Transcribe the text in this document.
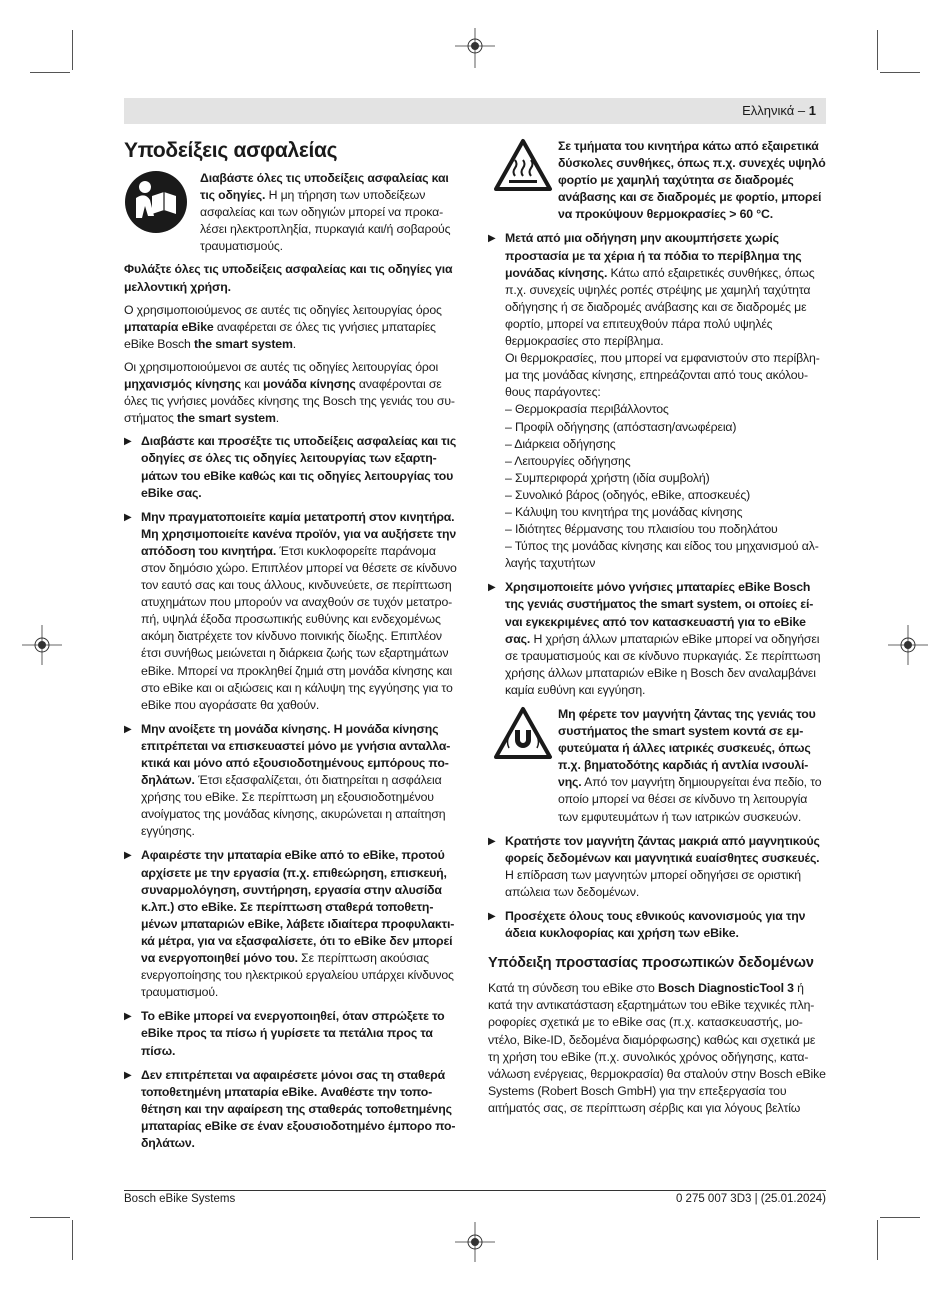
Ελληνικά – 1
Υποδείξεις ασφαλείας
Διαβάστε όλες τις υποδείξεις ασφαλείας και τις οδηγίες. Η μη τήρηση των υποδείξεων ασφαλείας και των οδηγιών μπορεί να προκαλέσει ηλεκτροπληξία, πυρκαγιά και/ή σοβαρούς τραυματισμούς.

Φυλάξτε όλες τις υποδείξεις ασφαλείας και τις οδηγίες για μελλοντική χρήση.

Ο χρησιμοποιούμενος σε αυτές τις οδηγίες λειτουργίας όρος μπαταρία eBike αναφέρεται σε όλες τις γνήσιες μπαταρίες eBike Bosch the smart system.

Οι χρησιμοποιούμενοι σε αυτές τις οδηγίες λειτουργίας όροι μηχανισμός κίνησης και μονάδα κίνησης αναφέρονται σε όλες τις γνήσιες μονάδες κίνησης της Bosch της γενιάς του συστήματος the smart system.

▶ Διαβάστε και προσέξτε τις υποδείξεις ασφαλείας και τις οδηγίες σε όλες τις οδηγίες λειτουργίας των εξαρτημάτων του eBike καθώς και τις οδηγίες λειτουργίας του eBike σας.
▶ Μην πραγματοποιείτε καμία μετατροπή στον κινητήρα. Μη χρησιμοποιείτε κανένα προϊόν, για να αυξήσετε την απόδοση του κινητήρα. Έτσι κυκλοφορείτε παράνομα στον δημόσιο χώρο. Επιπλέον μπορεί να θέσετε σε κίνδυνο τον εαυτό σας και τους άλλους, κινδυνεύετε, σε περίπτωση ατυχημάτων που μπορούν να αναχθούν σε τυχόν μετατροπή, υψηλά έξοδα προσωπικής ευθύνης και ενδεχομένως ακόμη διατρέχετε τον κίνδυνο ποινικής δίωξης. Επιπλέον έτσι συνήθως μειώνεται η διάρκεια ζωής των εξαρτημάτων eBike. Μπορεί να προκληθεί ζημιά στη μονάδα κίνησης και στο eBike και οι αξιώσεις και η κάλυψη της εγγύησης για το eBike που αγοράσατε θα χαθούν.
▶ Μην ανοίξετε τη μονάδα κίνησης. Η μονάδα κίνησης επιτρέπεται να επισκευαστεί μόνο με γνήσια ανταλλακτικά και μόνο από εξουσιοδοτημένους εμπόρους ποδηλάτων. Έτσι εξασφαλίζεται, ότι διατηρείται η ασφάλεια χρήσης του eBike. Σε περίπτωση μη εξουσιοδοτημένου ανοίγματος της μονάδας κίνησης, ακυρώνεται η απαίτηση εγγύησης.
▶ Αφαιρέστε την μπαταρία eBike από το eBike, προτού αρχίσετε με την εργασία (π.χ. επιθεώρηση, επισκευή, συναρμολόγηση, συντήρηση, εργασία στην αλυσίδα κ.λπ.) στο eBike. Σε περίπτωση σταθερά τοποθετημένων μπαταριών eBike, λάβετε ιδιαίτερα προφυλακτικά μέτρα, για να εξασφαλίσετε, ότι το eBike δεν μπορεί να ενεργοποιηθεί μόνο του. Σε περίπτωση ακούσιας ενεργοποίησης του ηλεκτρικού εργαλείου υπάρχει κίνδυνος τραυματισμού.
▶ Το eBike μπορεί να ενεργοποιηθεί, όταν σπρώξετε το eBike προς τα πίσω ή γυρίσετε τα πετάλια προς τα πίσω.
▶ Δεν επιτρέπεται να αφαιρέσετε μόνοι σας τη σταθερά τοποθετημένη μπαταρία eBike. Αναθέστε την τοποθέτηση και την αφαίρεση της σταθεράς τοποθετημένης μπαταρίας eBike σε έναν εξουσιοδοτημένο έμπορο ποδηλάτων.
Σε τμήματα του κινητήρα κάτω από εξαιρετικά δύσκολες συνθήκες, όπως π.χ. συνεχές υψηλό φορτίο με χαμηλή ταχύτητα σε διαδρομές ανάβασης και σε διαδρομές με φορτίο, μπορεί να προκύψουν θερμοκρασίες > 60 °C.
▶ Μετά από μια οδήγηση μην ακουμπήσετε χωρίς προστασία με τα χέρια ή τα πόδια το περίβλημα της μονάδας κίνησης. Κάτω από εξαιρετικές συνθήκες, όπως π.χ. συνεχείς υψηλές ροπές στρέψης με χαμηλή ταχύτητα οδήγησης ή σε διαδρομές ανάβασης και σε διαδρομές με φορτίο, μπορεί να επιτευχθούν πάρα πολύ υψηλές θερμοκρασίες στο περίβλημα.
Οι θερμοκρασίες, που μπορεί να εμφανιστούν στο περίβλημα της μονάδας κίνησης, επηρεάζονται από τους ακόλουθους παράγοντες:
– Θερμοκρασία περιβάλλοντος
– Προφίλ οδήγησης (απόσταση/ανωφέρεια)
– Διάρκεια οδήγησης
– Λειτουργίες οδήγησης
– Συμπεριφορά χρήστη (ιδία συμβολή)
– Συνολικό βάρος (οδηγός, eBike, αποσκευές)
– Κάλυψη του κινητήρα της μονάδας κίνησης
– Ιδιότητες θέρμανσης του πλαισίου του ποδηλάτου
– Τύπος της μονάδας κίνησης και είδος του μηχανισμού αλλαγής ταχυτήτων
▶ Χρησιμοποιείτε μόνο γνήσιες μπαταρίες eBike Bosch της γενιάς συστήματος the smart system, οι οποίες είναι εγκεκριμένες από τον κατασκευαστή για το eBike σας. Η χρήση άλλων μπαταριών eBike μπορεί να οδηγήσει σε τραυματισμούς και σε κίνδυνο πυρκαγιάς. Σε περίπτωση χρήσης άλλων μπαταριών eBike η Bosch δεν αναλαμβάνει καμία ευθύνη και εγγύηση.
Μη φέρετε τον μαγνήτη ζάντας της γενιάς του συστήματος the smart system κοντά σε εμφυτεύματα ή άλλες ιατρικές συσκευές, όπως π.χ. βηματοδότης καρδιάς ή αντλία ινσουλίνης. Από τον μαγνήτη δημιουργείται ένα πεδίο, το οποίο μπορεί να θέσει σε κίνδυνο τη λειτουργία των εμφυτευμάτων ή των ιατρικών συσκευών.
▶ Κρατήστε τον μαγνήτη ζάντας μακριά από μαγνητικούς φορείς δεδομένων και μαγνητικά ευαίσθητες συσκευές. Η επίδραση των μαγνητών μπορεί οδηγήσει σε οριστική απώλεια των δεδομένων.
▶ Προσέχετε όλους τους εθνικούς κανονισμούς για την άδεια κυκλοφορίας και χρήση των eBike.
Υπόδειξη προστασίας προσωπικών δεδομένων

Κατά τη σύνδεση του eBike στο Bosch DiagnosticTool 3 ή κατά την αντικατάσταση εξαρτημάτων του eBike τεχνικές πληροφορίες σχετικά με το eBike σας (π.χ. κατασκευαστής, μοντέλο, Bike-ID, δεδομένα διαμόρφωσης) καθώς και σχετικά με τη χρήση του eBike (π.χ. συνολικός χρόνος οδήγησης, κατανάλωση ενέργειας, θερμοκρασία) θα σταλούν στην Bosch eBike Systems (Robert Bosch GmbH) για την επεξεργασία του αιτήματός σας, σε περίπτωση σέρβις και για λόγους βελτίω

Bosch eBike Systems	0 275 007 3D3 | (25.01.2024)
